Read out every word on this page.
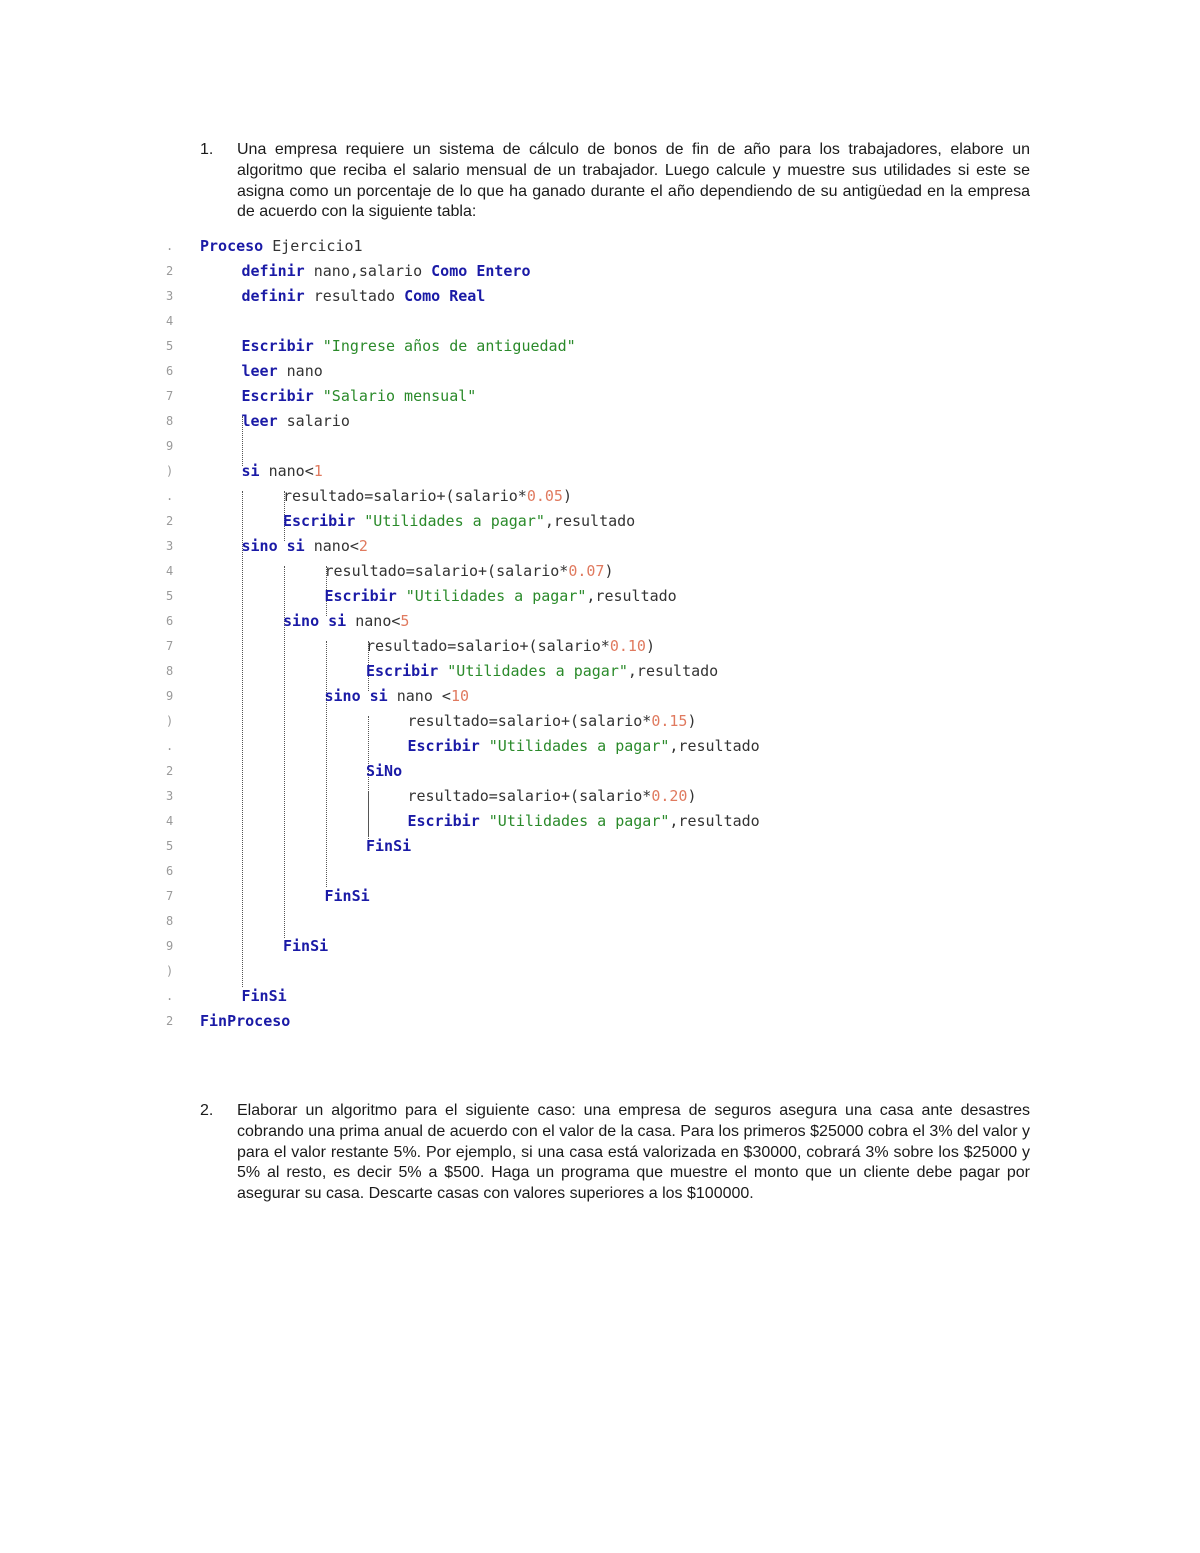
1. Una empresa requiere un sistema de cálculo de bonos de fin de año para los trabajadores, elabore un algoritmo que reciba el salario mensual de un trabajador. Luego calcule y muestre sus utilidades si este se asigna como un porcentaje de lo que ha ganado durante el año dependiendo de su antigüedad en la empresa de acuerdo con la siguiente tabla:
. Proceso Ejercicio1
2	definir nano,salario Como Entero
3	definir resultado Como Real
4
5	Escribir "Ingrese años de antiguedad"
6	leer nano
7	Escribir "Salario mensual"
8	leer salario
9
)	si nano<1
.	resultado=salario+(salario*0.05)
2	Escribir "Utilidades a pagar",resultado
3	sino si nano<2
4	resultado=salario+(salario*0.07)
5	Escribir "Utilidades a pagar",resultado
6	sino si nano<5
7	resultado=salario+(salario*0.10)
8	Escribir "Utilidades a pagar",resultado
9	sino si nano <10
)	resultado=salario+(salario*0.15)
.	Escribir "Utilidades a pagar",resultado
2	SiNo
3	resultado=salario+(salario*0.20)
4	Escribir "Utilidades a pagar",resultado
5	FinSi
6
7	FinSi
8
9	FinSi
)
.	FinSi
2 FinProceso
2. Elaborar un algoritmo para el siguiente caso: una empresa de seguros asegura una casa ante desastres cobrando una prima anual de acuerdo con el valor de la casa. Para los primeros $25000 cobra el 3% del valor y para el valor restante 5%. Por ejemplo, si una casa está valorizada en $30000, cobrará 3% sobre los $25000 y 5% al resto, es decir 5% a $500. Haga un programa que muestre el monto que un cliente debe pagar por asegurar su casa. Descarte casas con valores superiores a los $100000.
